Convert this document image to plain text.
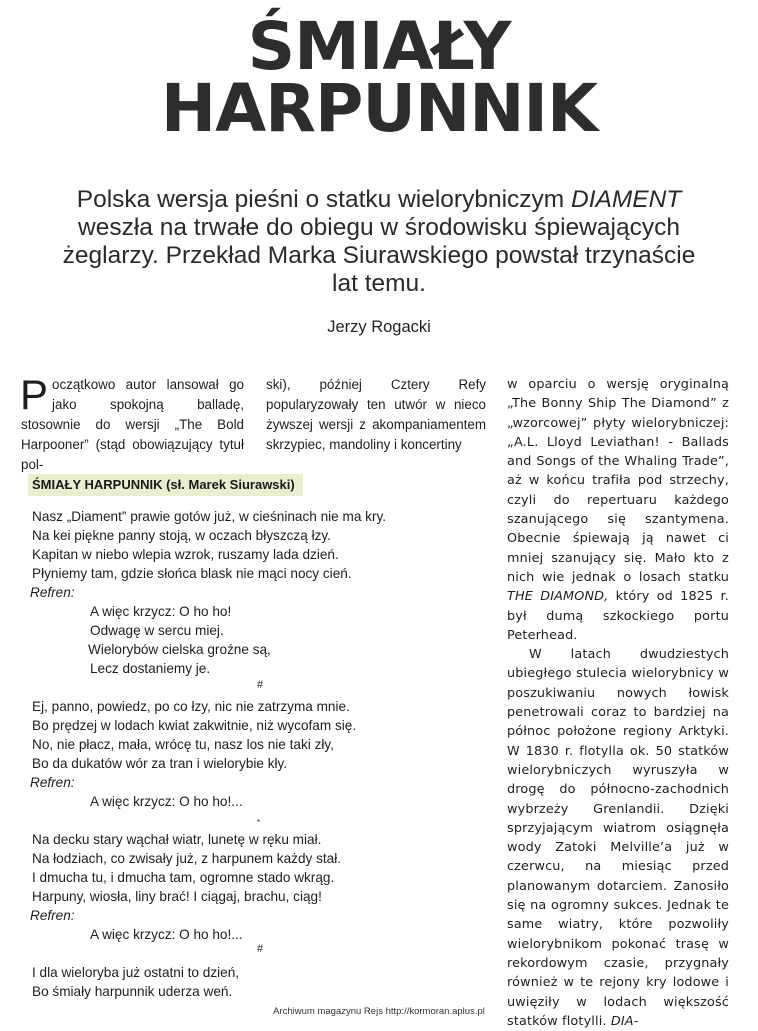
ŚMIAŁY
HARPUNNIK

Polska wersja pieśni o statku wielorybniczym DIAMENT weszła na trwałe do obiegu w środowisku śpiewających żeglarzy. Przekład Marka Siurawskiego powstał trzynaście lat temu.

Jerzy Rogacki

Początkowo autor lansował go jako spokojną balladę, stosownie do wersji „The Bold Harpooner” (stąd obowiązujący tytuł pol-

ski), później Cztery Refy popularyzowały ten utwór w nieco żywszej wersji z akompaniamentem skrzypiec, mandoliny i koncertiny

w oparciu o wersję oryginalną „The Bonny Ship The Diamond” z „wzorcowej” płyty wielorybniczej: „A.L. Lloyd Leviathan! - Ballads and Songs of the Whaling Trade”, aż w końcu trafiła pod strzechy, czyli do repertuaru każdego szanującego się szantymena. Obecnie śpiewają ją nawet ci mniej szanujący się. Mało kto z nich wie jednak o losach statku THE DIAMOND, który od 1825 r. był dumą szkockiego portu Peterhead.

W latach dwudziestych ubiegłego stulecia wielorybnicy w poszukiwaniu nowych łowisk penetrowali coraz to bardziej na północ położone regiony Arktyki. W 1830 r. flotylla ok. 50 statków wielorybniczych wyruszyła w drogę do północno-zachodnich wybrzeży Grenlandii. Dzięki sprzyjającym wiatrom osiągnęła wody Zatoki Melville’a już w czerwcu, na miesiąc przed planowanym dotarciem. Zanosiło się na ogromny sukces. Jednak te same wiatry, które pozwoliły wielorybnikom pokonać trasę w rekordowym czasie, przygnały również w te rejony kry lodowe i uwięziły w lodach większość statków flotylli. DIA-

ŚMIAŁY HARPUNNIK (sł. Marek Siurawski)
Nasz „Diament” prawie gotów już, w cieśninach nie ma kry.
Na kei piękne panny stoją, w oczach błyszczą łzy.
Kapitan w niebo wlepia wzrok, ruszamy lada dzień.
Płyniemy tam, gdzie słońca blask nie mąci nocy cień.
Refren:
A więc krzycz: O ho ho!
Odwagę w sercu miej.
Wielorybów cielska groźne są,
Lecz dostaniemy je.
#
Ej, panno, powiedz, po co łzy, nic nie zatrzyma mnie.
Bo prędzej w lodach kwiat zakwitnie, niż wycofam się.
No, nie płacz, mała, wrócę tu, nasz los nie taki zły,
Bo da dukatów wór za tran i wielorybie kły.
Refren:
A więc krzycz: O ho ho!...
*
Na decku stary wąchał wiatr, lunetę w ręku miał.
Na łodziach, co zwisały już, z harpunem każdy stał.
I dmucha tu, i dmucha tam, ogromne stado wkrąg.
Harpuny, wiosła, liny brać! I ciągaj, brachu, ciąg!
Refren:
A więc krzycz: O ho ho!...
#
I dla wieloryba już ostatni to dzień,
Bo śmiały harpunnik uderza weń.
Archiwum magazynu Rejs http://kormoran.aplus.pl
